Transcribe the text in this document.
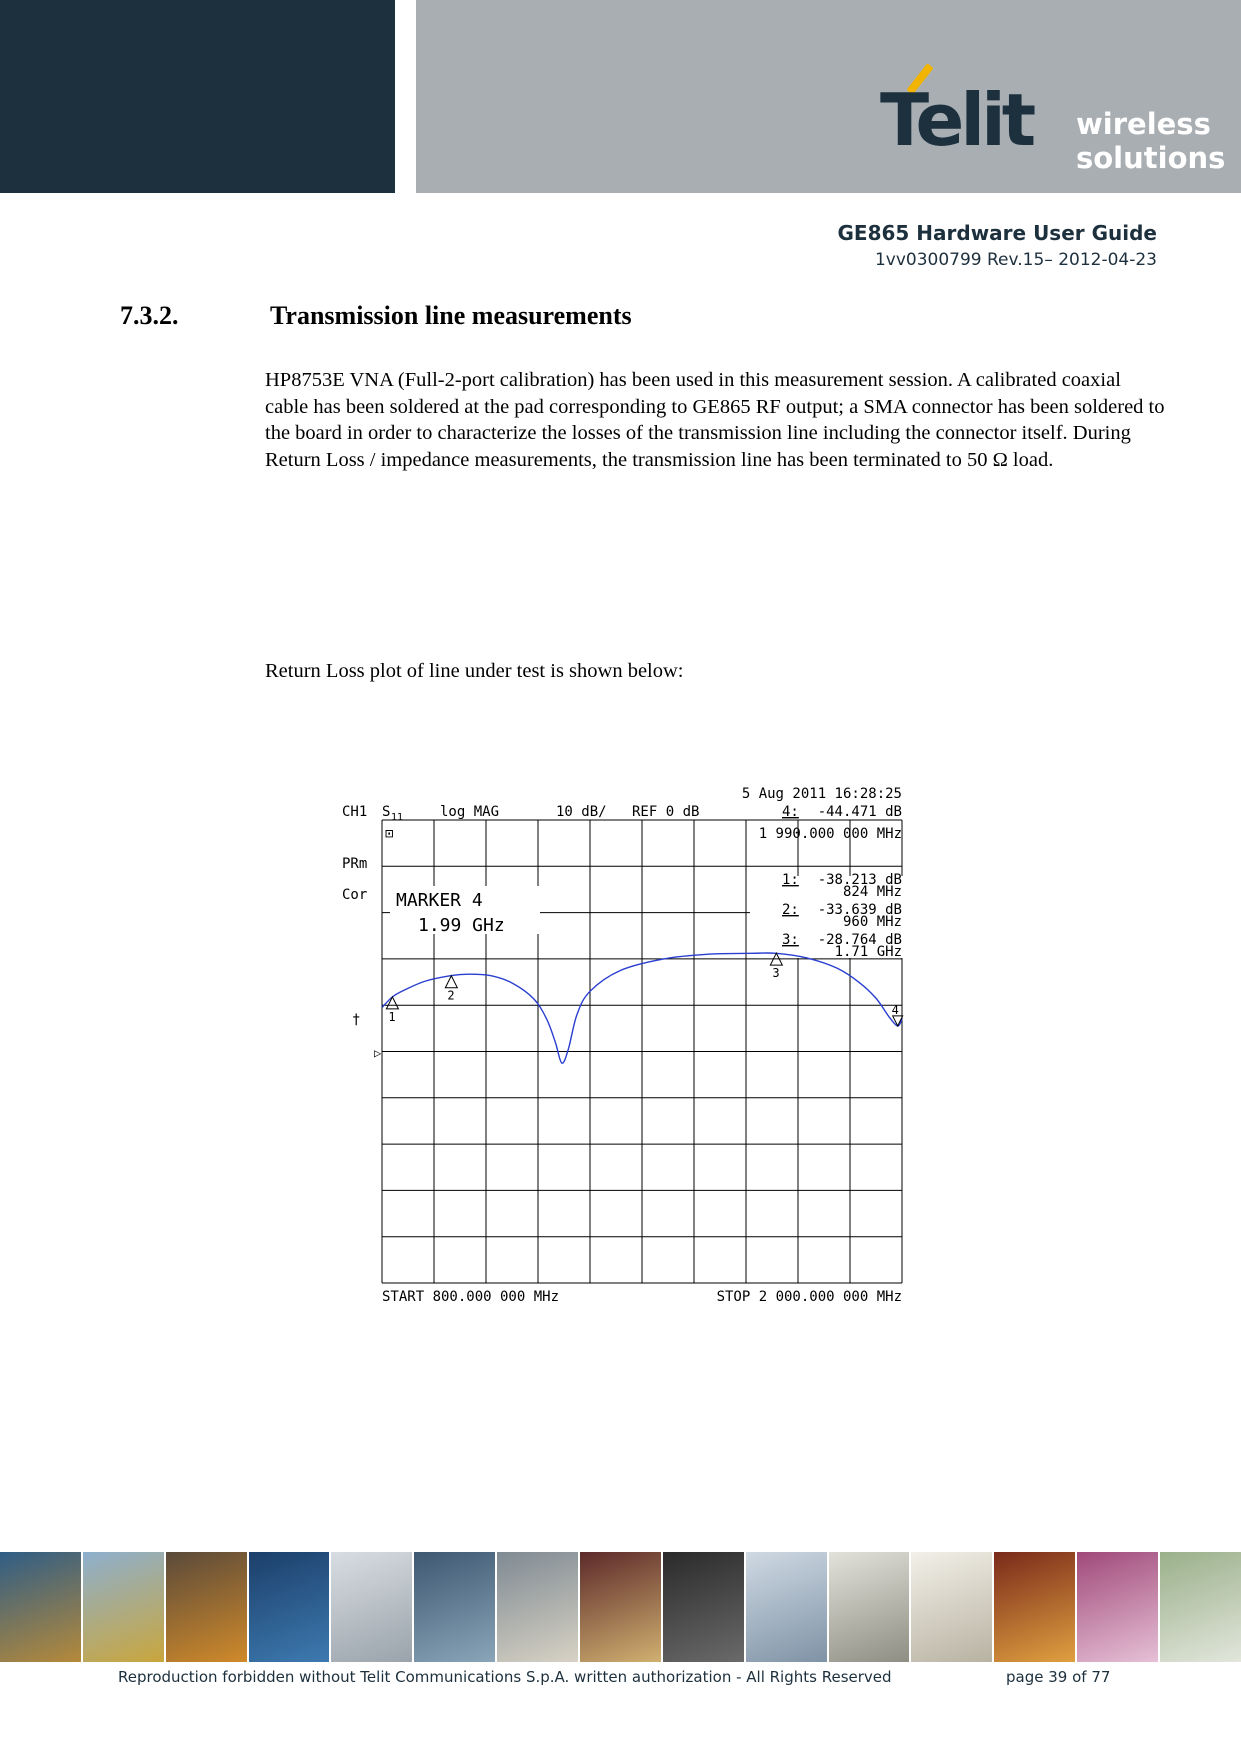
Telit wireless
solutions
GE865 Hardware User Guide
1vv0300799 Rev.15– 2012-04-23
7.3.2.	Transmission line measurements
HP8753E VNA (Full-2-port calibration) has been used in this measurement session. A calibrated coaxial cable has been soldered at the pad corresponding to GE865 RF output; a SMA connector has been soldered to the board in order to characterize the losses of the transmission line including the connector itself. During Return Loss / impedance measurements, the transmission line has been terminated to 50 Ω load.
Return Loss plot of line under test is shown below:
5 Aug 2011 16:28:25
CH1 S 11	log MAG	10 dB/ REF 0 dB	4: -44.471 dB
⊡	1 990.000 000 MHz
PRm
Cor
†
▷
MARKER 4
1.99 GHz
1: -38.213 dB
824 MHz
2: -33.639 dB
960 MHz
3: -28.764 dB
1.71 GHz
1
2
3
4
START 800.000 000 MHz	STOP 2 000.000 000 MHz
Reproduction forbidden without Telit Communications S.p.A. written authorization - All Rights Reserved	page 39 of 77
